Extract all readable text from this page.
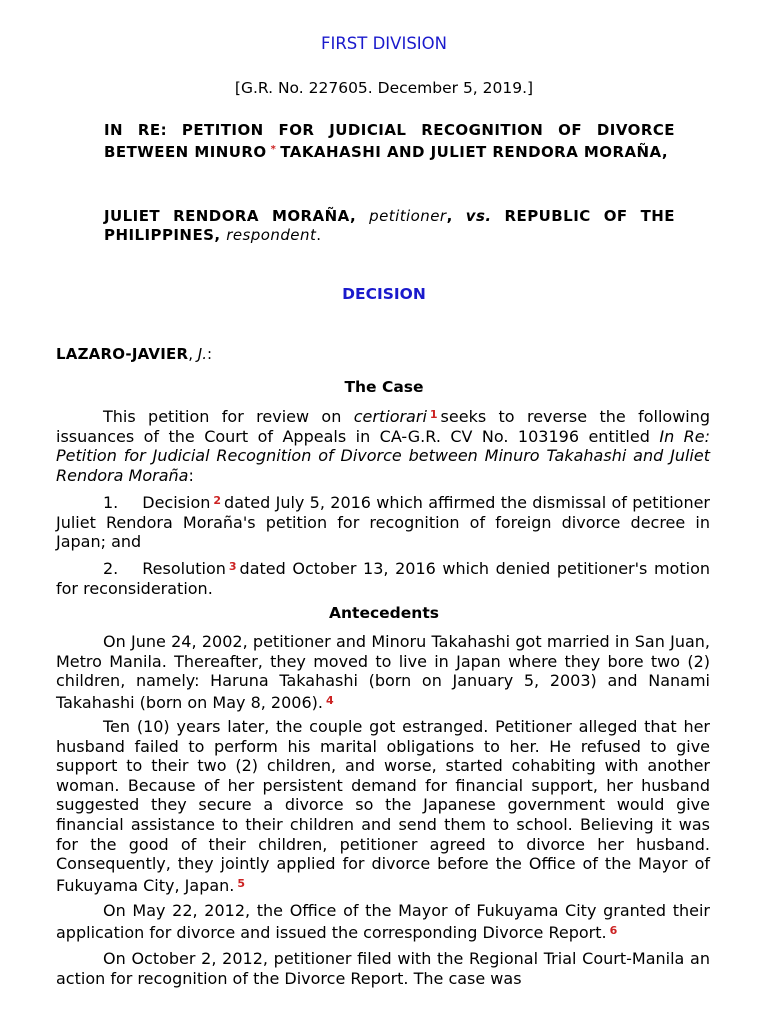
FIRST DIVISION
[G.R. No. 227605. December 5, 2019.]
IN RE: PETITION FOR JUDICIAL RECOGNITION OF DIVORCE BETWEEN MINURO * TAKAHASHI AND JULIET RENDORA MORAÑA,
JULIET RENDORA MORAÑA, petitioner, vs. REPUBLIC OF THE PHILIPPINES, respondent.
DECISION
LAZARO-JAVIER, J.:
The Case

This petition for review on certiorari $^1$ seeks to reverse the following issuances of the Court of Appeals in CA-G.R. CV No. 103196 entitled In Re: Petition for Judicial Recognition of Divorce between Minuro Takahashi and Juliet Rendora Moraña:

1. Decision $^2$ dated July 5, 2016 which affirmed the dismissal of petitioner Juliet Rendora Moraña's petition for recognition of foreign divorce decree in Japan; and

2. Resolution $^3$ dated October 13, 2016 which denied petitioner's motion for reconsideration.

Antecedents

On June 24, 2002, petitioner and Minoru Takahashi got married in San Juan, Metro Manila. Thereafter, they moved to live in Japan where they bore two (2) children, namely: Haruna Takahashi (born on January 5, 2003) and Nanami Takahashi (born on May 8, 2006). $^4$

Ten (10) years later, the couple got estranged. Petitioner alleged that her husband failed to perform his marital obligations to her. He refused to give support to their two (2) children, and worse, started cohabiting with another woman. Because of her persistent demand for financial support, her husband suggested they secure a divorce so the Japanese government would give financial assistance to their children and send them to school. Believing it was for the good of their children, petitioner agreed to divorce her husband. Consequently, they jointly applied for divorce before the Office of the Mayor of Fukuyama City, Japan. $^5$

On May 22, 2012, the Office of the Mayor of Fukuyama City granted their application for divorce and issued the corresponding Divorce Report. $^6$

On October 2, 2012, petitioner filed with the Regional Trial Court-Manila an action for recognition of the Divorce Report. The case was
